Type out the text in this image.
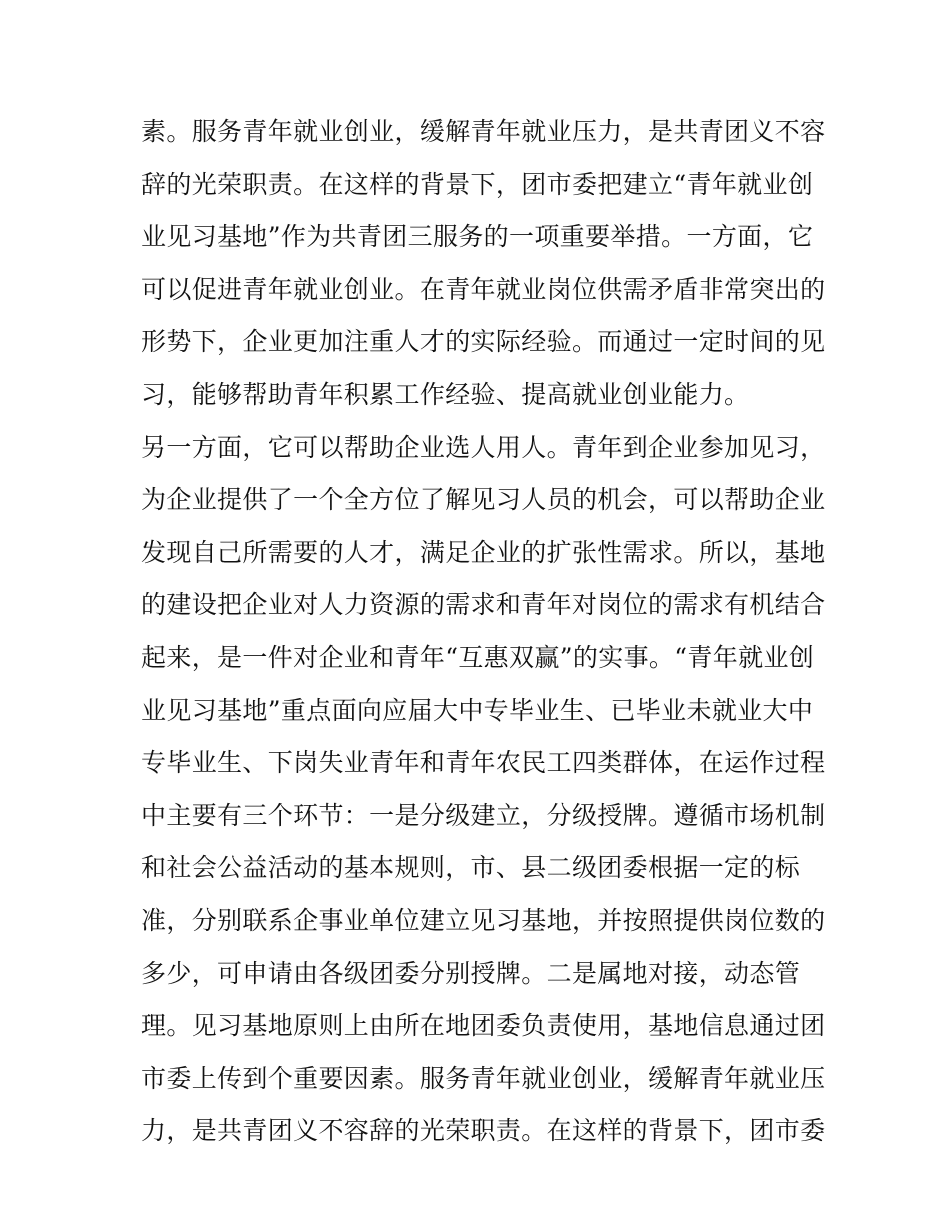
素。服务青年就业创业，缓解青年就业压力，是共青团义不容
辞的光荣职责。在这样的背景下，团市委把建立“青年就业创
业见习基地”作为共青团三服务的一项重要举措。一方面，它
可以促进青年就业创业。在青年就业岗位供需矛盾非常突出的
形势下，企业更加注重人才的实际经验。而通过一定时间的见
习，能够帮助青年积累工作经验、提高就业创业能力。
另一方面，它可以帮助企业选人用人。青年到企业参加见习，
为企业提供了一个全方位了解见习人员的机会，可以帮助企业
发现自己所需要的人才，满足企业的扩张性需求。所以，基地
的建设把企业对人力资源的需求和青年对岗位的需求有机结合
起来，是一件对企业和青年“互惠双赢”的实事。“青年就业创
业见习基地”重点面向应届大中专毕业生、已毕业未就业大中
专毕业生、下岗失业青年和青年农民工四类群体，在运作过程
中主要有三个环节：一是分级建立，分级授牌。遵循市场机制
和社会公益活动的基本规则，市、县二级团委根据一定的标
准，分别联系企事业单位建立见习基地，并按照提供岗位数的
多少，可申请由各级团委分别授牌。二是属地对接，动态管
理。见习基地原则上由所在地团委负责使用，基地信息通过团
市委上传到个重要因素。服务青年就业创业，缓解青年就业压
力，是共青团义不容辞的光荣职责。在这样的背景下，团市委
